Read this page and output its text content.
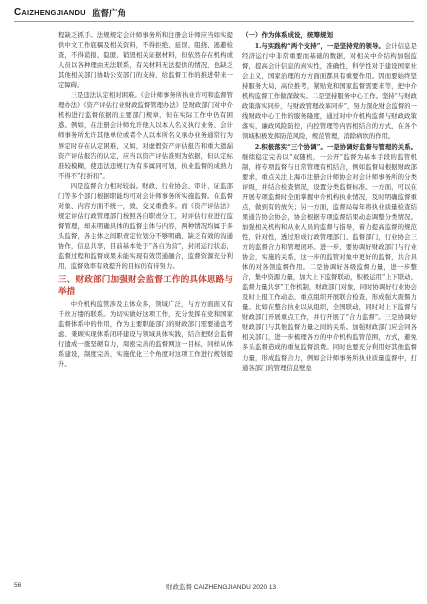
CAIZHENGJIANDU 监督广角

程缺乏抓手。法规规定会计师事务所和注册会计师应当如实提供中文工作底稿及相关资料，不得拒绝、延误、阻挠、逃避检查，不得谎报、隐匿、销毁相关证据材料，但依然存在机构或人员以各种理由无法联系，有关材料无法提供的情况，也缺乏其他相关部门协助公安部门的支持，给监督工作的推进带来一定障碍。

三是违法认定相对困难。《会计师事务所执业许可和监督管理办法》《资产评估行业财政监督管理办法》是财政部门对中介机构进行监督依据的主要部门规章，但在实际工作中仍有困惑。例如，在注册会计师允许他人以本人名义执行业务、会计师事务所允许其他单位或者个人以本所名义承办业务通常行为界定时存在认定困难，又如，对虚假资产评估报告和重大遗漏资产评估报告的认定，应当以资产评估准则为依据，但认定标准较模糊，使违法违规行为有多属同可划，执业监督的成熟力不得不“打折扣”。

四是监督合力相对较弱。财政、行业协会、审计、证监部门等多个部门根据职能均可对会计师事务所实施监督。在监督对象、内容方面不统一，致，交叉重叠多。而《资产评估法》规定评估行政管理部门按照各自职责分工，对评估行业进行监督管理，却未明确具体的监督主体与内容，两种情况均属于多头监督，各主体之间职责定位划分不够明确，缺乏有效的沟通协作，信息共享，目前基本处于“各自为营”，封闭运行状态，监督过程和监督成果未能实现有效贯通融合，监督资源充分利用，监督效率有效提升的目标仍有待努力。

三、财政部门加强财会监督工作的具体思路与举措

中介机构监管涉及主体众多，领域广泛，与方方面面又有千丝万缕的联系。为切实做好这项工作，充分发挥在党和国家监督体系中的作用，作为主要职能部门的财政部门需要通盘考虑、秉顾实现体系闭环建设与领域具体实践，结合把财会监督行遗成一涨坚硬有力，周密完善的监督网这一目标，同样从体系建设，制度完善，实施优化三个角度对这项工作进行规划提升。

（一）作为体系成设，统筹规划

1.与实践构“两个支持”，一是坚持党的领导。会计信息是经济运行中非常重要而基础的数据，对相关中介结构加强监督，提高会计信息的真实性，准确性，科学性对于建设国家社会主义，国家治理的方方面面都具有重要作用。因而要始终坚持服务大局，高位推考，紧贴党和国家监督需要来等，把中介机构监督工作做深做实。二是坚持服务中心工作。坚持“与财政政策落实同步，与财政管理改革同步”，努力深化财会监督的一线财政中心工作的服务隆度，通过对中介机构监督与财政政策落实，廉政风险防控，内控管理等内容相结合的方式，在各个领域积极发挥防范风险，规范管理，消除病坎的作用。

2.积极落实“三个协调”。一是协调好监督与管理的关系。继续稳定完善以“双随机，一公开”监督为基本手段的监管机制，将专项监督与日常管理有机结合，例如监督局根据财政部要求，重点关注上海市注册会计师协会对会计师事务所的分类评级，并结合检查情况，设置分类监督标准。一方面，可以在开展专项监督时全面掌握中介机构执业情况，及时明确监督重点，做到有的放矢；另一方面，监督局每年将执业质量检查结果通告协会协会，协会根据专项监督结果动态调整分类情况。加强相关机构和从业人员的监督与指导，着力提高监督的规范性，针对性，透过形成行政管理部门、监督部门，行业协会三方的监督合力和管理闭环。进一步，要协调好财政部门与行业协会，实施的关系，这一步的监管对象中更好的监督，共合具体的对各领监督作用。二是协调好各级监督力量，进一步整合，集中资源力量，加大上下监督联动，积极运用“上下联动、监督力量共享”工作机制，财政部门对象，同时协调好行业协会及时上报工作动态，重点组织开展联合检查，形成强大震慑力量。比如在整合执业以从组织，全国联动，同时对上下监督与财政部门开展重点工作，并行开展了“合力监督”。三是协调好财政部门与其他监督力量之间的关系。加强财政部门应会同各相关部门，进一步梳理各方的中介机构监管范围，方式，避免多头监督造成的重复监督浪费。同时也要充分利用好其他监督力量，形成监督合力，例如会计师事务所执业质量监督中，打通各部门的管理信息壁垒

56	财政监督 CAIZHENGJIANDU 2020 13
